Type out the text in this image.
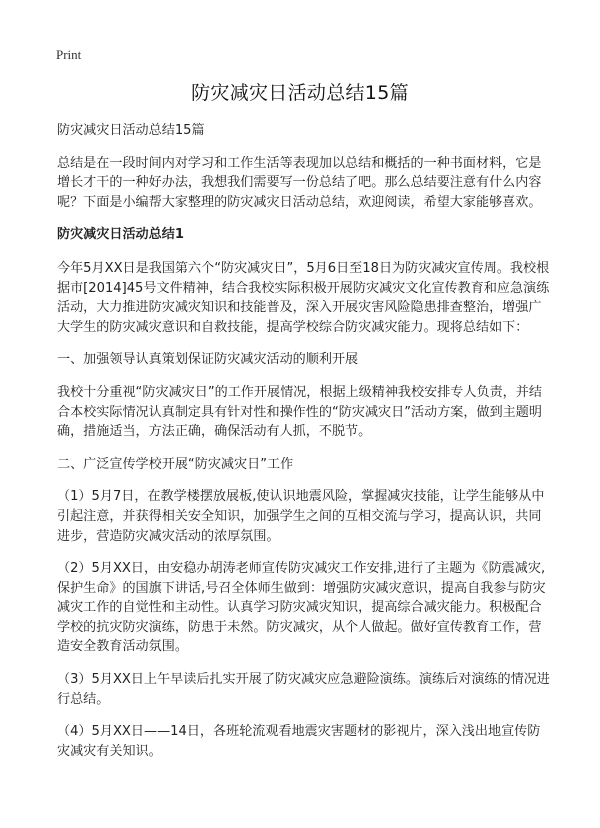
Print
防灾减灾日活动总结15篇

防灾减灾日活动总结15篇

总结是在一段时间内对学习和工作生活等表现加以总结和概括的一种书面材料，它是增长才干的一种好办法，我想我们需要写一份总结了吧。那么总结要注意有什么内容呢？下面是小编帮大家整理的防灾减灾日活动总结，欢迎阅读，希望大家能够喜欢。

防灾减灾日活动总结1

今年5月XX日是我国第六个“防灾减灾日”，5月6日至18日为防灾减灾宣传周。我校根据市[2014]45号文件精神，结合我校实际积极开展防灾减灾文化宣传教育和应急演练活动，大力推进防灾减灾知识和技能普及，深入开展灾害风险隐患排查整治，增强广大学生的防灾减灾意识和自救技能，提高学校综合防灾减灾能力。现将总结如下：

一、加强领导认真策划保证防灾减灾活动的顺利开展

我校十分重视“防灾减灾日”的工作开展情况，根据上级精神我校安排专人负责，并结合本校实际情况认真制定具有针对性和操作性的“防灾减灾日”活动方案，做到主题明确，措施适当，方法正确，确保活动有人抓，不脱节。

二、广泛宣传学校开展“防灾减灾日”工作

（1）5月7日，在教学楼摆放展板,使认识地震风险，掌握减灾技能，让学生能够从中引起注意，并获得相关安全知识，加强学生之间的互相交流与学习，提高认识，共同进步，营造防灾减灾活动的浓厚氛围。

（2）5月XX日，由安稳办胡涛老师宣传防灾减灾工作安排,进行了主题为《防震减灾,保护生命》的国旗下讲话,号召全体师生做到：增强防灾减灾意识，提高自我参与防灾减灾工作的自觉性和主动性。认真学习防灾减灾知识，提高综合减灾能力。积极配合学校的抗灾防灾演练，防患于未然。防灾减灾，从个人做起。做好宣传教育工作，营造安全教育活动氛围。

（3）5月XX日上午早读后扎实开展了防灾减灾应急避险演练。演练后对演练的情况进行总结。

（4）5月XX日——14日，各班轮流观看地震灾害题材的影视片，深入浅出地宣传防灾减灾有关知识。
